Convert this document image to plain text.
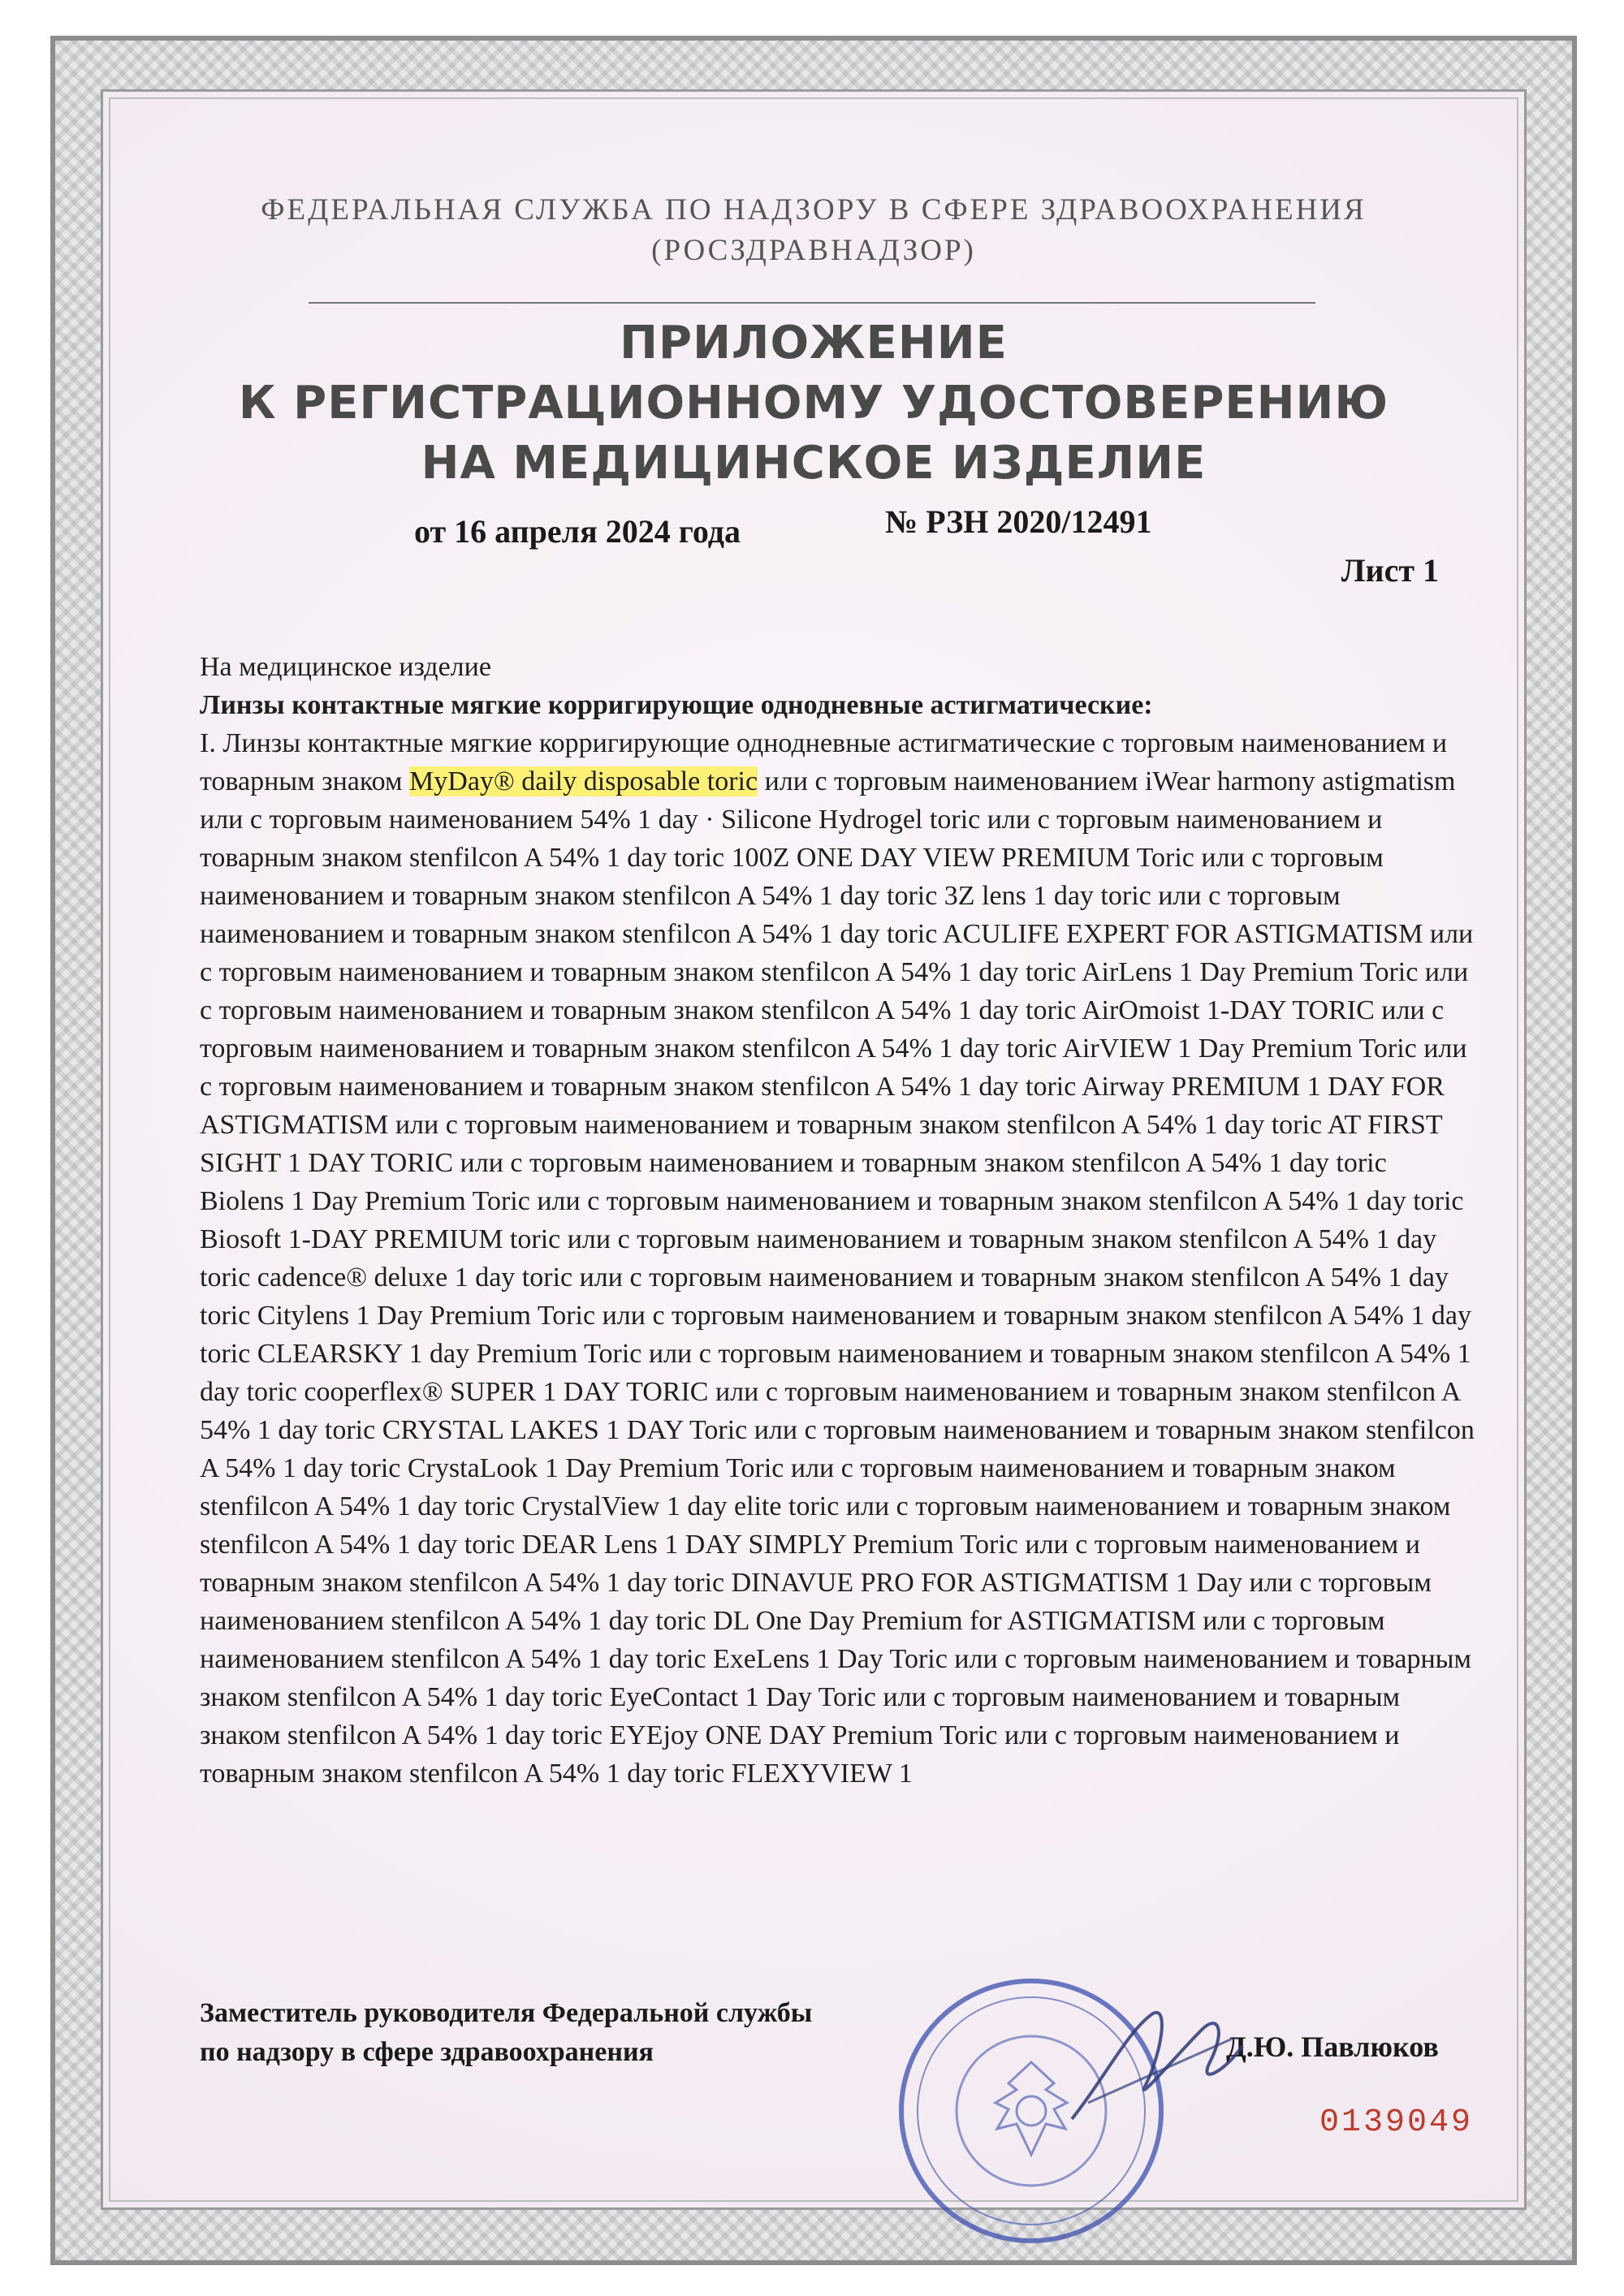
ФЕДЕРАЛЬНАЯ СЛУЖБА ПО НАДЗОРУ В СФЕРЕ ЗДРАВООХРАНЕНИЯ
(РОСЗДРАВНАДЗОР)
ПРИЛОЖЕНИЕ
К РЕГИСТРАЦИОННОМУ УДОСТОВЕРЕНИЮ
НА МЕДИЦИНСКОЕ ИЗДЕЛИЕ
от 16 апреля 2024 года	№ РЗН 2020/12491
Лист 1

На медицинское изделие

Линзы контактные мягкие корригирующие однодневные астигматические:

I. Линзы контактные мягкие корригирующие однодневные астигматические с торговым наименованием и товарным знаком MyDay® daily disposable toric или с торговым наименованием iWear harmony astigmatism или с торговым наименованием 54% 1 day · Silicone Hydrogel toric или с торговым наименованием и товарным знаком stenfilcon A 54% 1 day toric 100Z ONE DAY VIEW PREMIUM Toric или с торговым наименованием и товарным знаком stenfilcon A 54% 1 day toric 3Z lens 1 day toric или с торговым наименованием и товарным знаком stenfilcon A 54% 1 day toric ACULIFE EXPERT FOR ASTIGMATISM или с торговым наименованием и товарным знаком stenfilcon A 54% 1 day toric AirLens 1 Day Premium Toric или с торговым наименованием и товарным знаком stenfilcon A 54% 1 day toric AirOmoist 1-DAY TORIC или с торговым наименованием и товарным знаком stenfilcon A 54% 1 day toric AirVIEW 1 Day Premium Toric или с торговым наименованием и товарным знаком stenfilcon A 54% 1 day toric Airway PREMIUM 1 DAY FOR ASTIGMATISM или с торговым наименованием и товарным знаком stenfilcon A 54% 1 day toric AT FIRST SIGHT 1 DAY TORIC или с торговым наименованием и товарным знаком stenfilcon A 54% 1 day toric Biolens 1 Day Premium Toric или с торговым наименованием и товарным знаком stenfilcon A 54% 1 day toric Biosoft 1-DAY PREMIUM toric или с торговым наименованием и товарным знаком stenfilcon A 54% 1 day toric cadence® deluxe 1 day toric или с торговым наименованием и товарным знаком stenfilcon A 54% 1 day toric Citylens 1 Day Premium Toric или с торговым наименованием и товарным знаком stenfilcon A 54% 1 day toric CLEARSKY 1 day Premium Toric или с торговым наименованием и товарным знаком stenfilcon A 54% 1 day toric cooperflex® SUPER 1 DAY TORIC или с торговым наименованием и товарным знаком stenfilcon A 54% 1 day toric CRYSTAL LAKES 1 DAY Toric или с торговым наименованием и товарным знаком stenfilcon A 54% 1 day toric CrystaLook 1 Day Premium Toric или с торговым наименованием и товарным знаком stenfilcon A 54% 1 day toric CrystalView 1 day elite toric или с торговым наименованием и товарным знаком stenfilcon A 54% 1 day toric DEAR Lens 1 DAY SIMPLY Premium Toric или с торговым наименованием и товарным знаком stenfilcon A 54% 1 day toric DINAVUE PRO FOR ASTIGMATISM 1 Day или с торговым наименованием stenfilcon A 54% 1 day toric DL One Day Premium for ASTIGMATISM или с торговым наименованием stenfilcon A 54% 1 day toric ExeLens 1 Day Toric или с торговым наименованием и товарным знаком stenfilcon A 54% 1 day toric EyeContact 1 Day Toric или с торговым наименованием и товарным знаком stenfilcon A 54% 1 day toric EYEjoy ONE DAY Premium Toric или с торговым наименованием и товарным знаком stenfilcon A 54% 1 day toric FLEXYVIEW 1

Заместитель руководителя Федеральной службы
по надзору в сфере здравоохранения	Д.Ю. Павлюков
0139049
